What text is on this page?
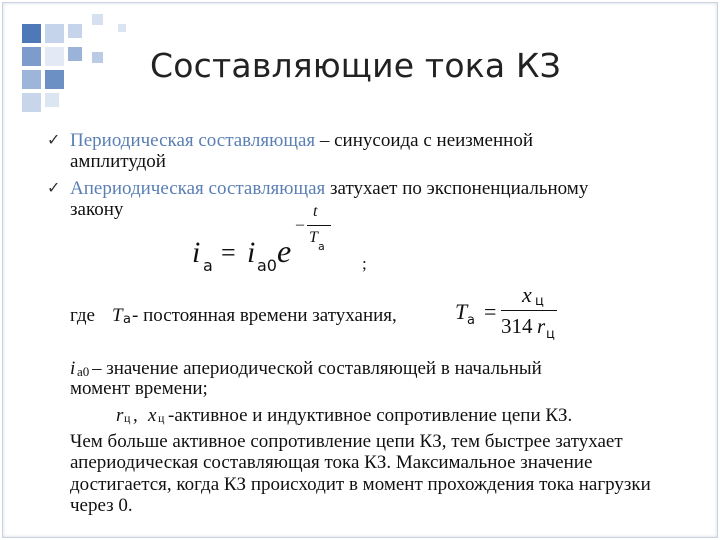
Составляющие тока КЗ
✓ Периодическая составляющая – синусоида с неизменной
амплитудой
✓ Апериодическая составляющая затухает по экспоненциальному
закону
i a = i a0 e
–
t
T
a
;
где T a - постоянная времени затухания,	T a =
x ц
314 r ц
i a0 – значение апериодической составляющей в начальный
момент времени;
r ц , x ц -активное и индуктивное сопротивление цепи КЗ.
Чем больше активное сопротивление цепи КЗ, тем быстрее затухает апериодическая составляющая тока КЗ. Максимальное значение достигается, когда КЗ происходит в момент прохождения тока нагрузки через 0.
